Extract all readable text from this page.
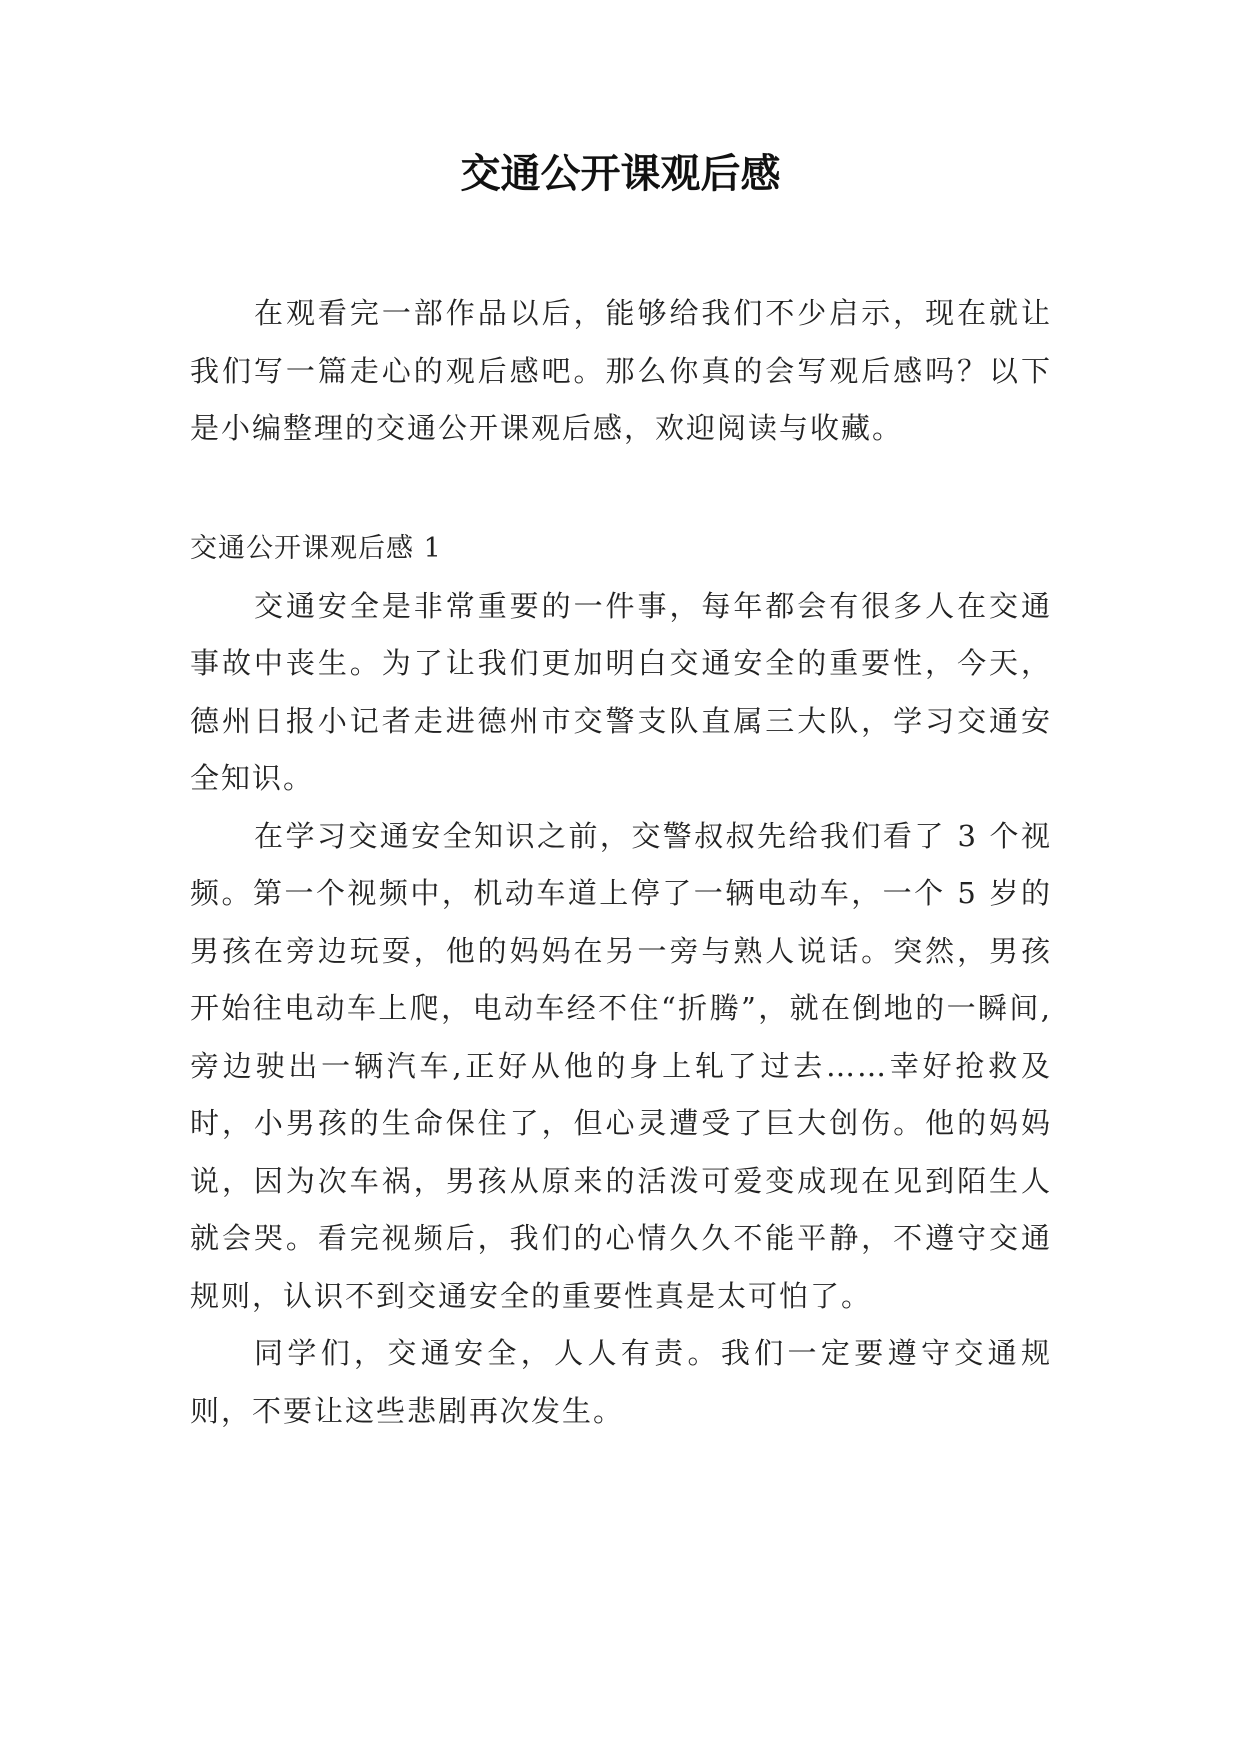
交通公开课观后感

在观看完一部作品以后，能够给我们不少启示，现在就让我们写一篇走心的观后感吧。那么你真的会写观后感吗？以下是小编整理的交通公开课观后感，欢迎阅读与收藏。

交通公开课观后感 1

交通安全是非常重要的一件事，每年都会有很多人在交通事故中丧生。为了让我们更加明白交通安全的重要性，今天，德州日报小记者走进德州市交警支队直属三大队，学习交通安全知识。

在学习交通安全知识之前，交警叔叔先给我们看了 3 个视频。第一个视频中，机动车道上停了一辆电动车，一个 5 岁的男孩在旁边玩耍，他的妈妈在另一旁与熟人说话。突然，男孩开始往电动车上爬，电动车经不住“折腾”，就在倒地的一瞬间,旁边驶出一辆汽车,正好从他的身上轧了过去……幸好抢救及时，小男孩的生命保住了，但心灵遭受了巨大创伤。他的妈妈说，因为次车祸，男孩从原来的活泼可爱变成现在见到陌生人就会哭。看完视频后，我们的心情久久不能平静，不遵守交通规则，认识不到交通安全的重要性真是太可怕了。

同学们，交通安全，人人有责。我们一定要遵守交通规则，不要让这些悲剧再次发生。
